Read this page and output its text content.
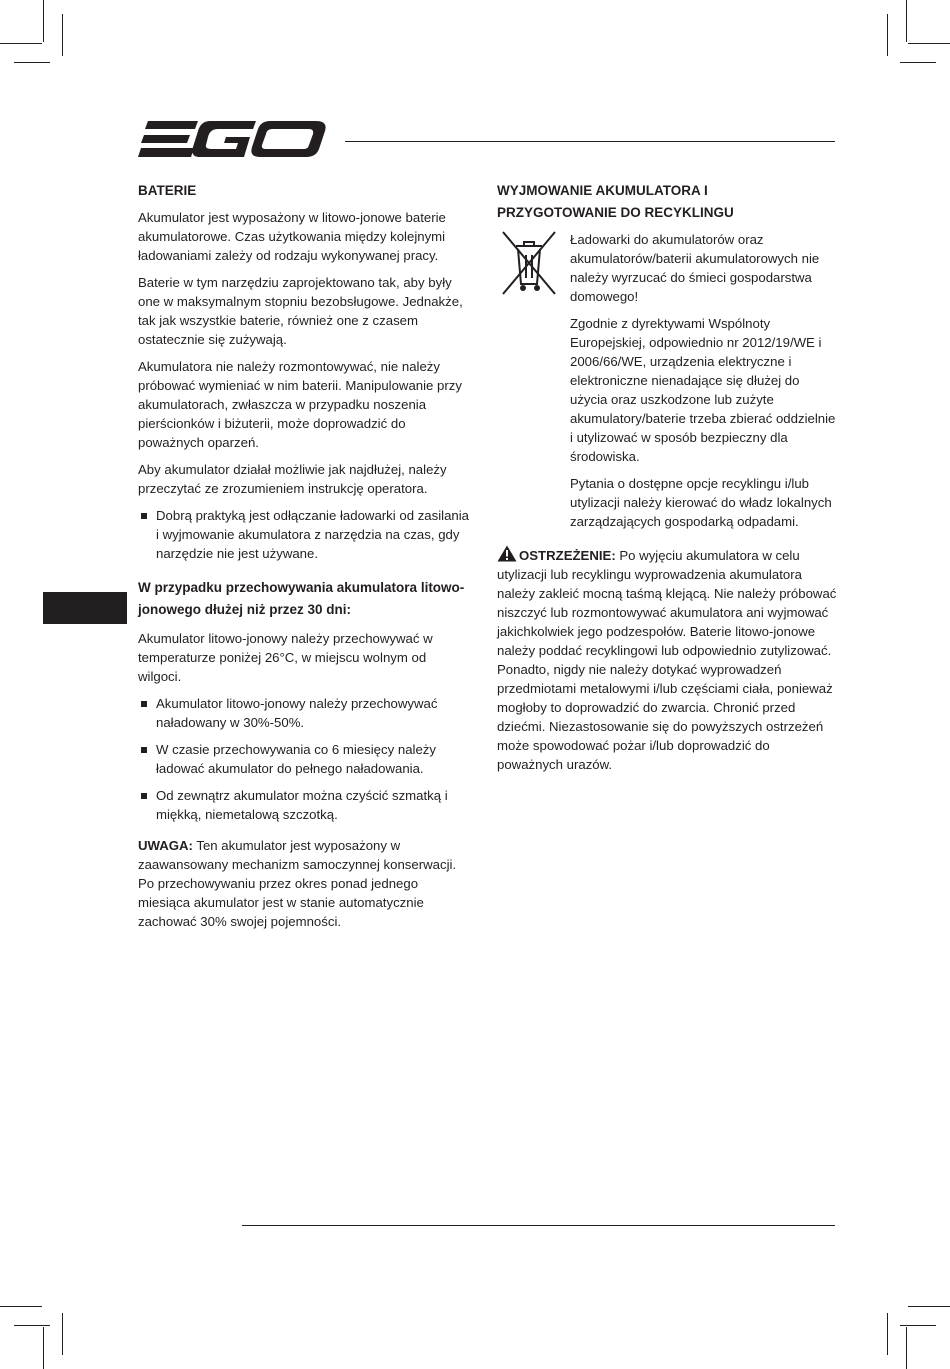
BATERIE

Akumulator jest wyposażony w litowo-jonowe baterie akumulatorowe. Czas użytkowania między kolejnymi ładowaniami zależy od rodzaju wykonywanej pracy.

Baterie w tym narzędziu zaprojektowano tak, aby były one w maksymalnym stopniu bezobsługowe. Jednakże, tak jak wszystkie baterie, również one z czasem ostatecznie się zużywają.

Akumulatora nie należy rozmontowywać, nie należy próbować wymieniać w nim baterii. Manipulowanie przy akumulatorach, zwłaszcza w przypadku noszenia pierścionków i biżuterii, może doprowadzić do poważnych oparzeń.

Aby akumulator działał możliwie jak najdłużej, należy przeczytać ze zrozumieniem instrukcję operatora.

Dobrą praktyką jest odłączanie ładowarki od zasilania i wyjmowanie akumulatora z narzędzia na czas, gdy narzędzie nie jest używane.
W przypadku przechowywania akumulatora litowo-jonowego dłużej niż przez 30 dni:

Akumulator litowo-jonowy należy przechowywać w temperaturze poniżej 26°C, w miejscu wolnym od wilgoci.

Akumulator litowo-jonowy należy przechowywać naładowany w 30%-50%.
W czasie przechowywania co 6 miesięcy należy ładować akumulator do pełnego naładowania.
Od zewnątrz akumulator można czyścić szmatką i miękką, niemetalową szczotką.

UWAGA: Ten akumulator jest wyposażony w zaawansowany mechanizm samoczynnej konserwacji. Po przechowywaniu przez okres ponad jednego miesiąca akumulator jest w stanie automatycznie zachować 30% swojej pojemności.

WYJMOWANIE AKUMULATORA I
PRZYGOTOWANIE DO RECYKLINGU

Ładowarki do akumulatorów oraz akumulatorów/baterii akumulatorowych nie należy wyrzucać do śmieci gospodarstwa domowego!

Zgodnie z dyrektywami Wspólnoty Europejskiej, odpowiednio nr 2012/19/WE i 2006/66/WE, urządzenia elektryczne i elektroniczne nienadające się dłużej do użycia oraz uszkodzone lub zużyte akumulatory/baterie trzeba zbierać oddzielnie i utylizować w sposób bezpieczny dla środowiska.

Pytania o dostępne opcje recyklingu i/lub utylizacji należy kierować do władz lokalnych zarządzających gospodarką odpadami.

OSTRZEŻENIE: Po wyjęciu akumulatora w celu utylizacji lub recyklingu wyprowadzenia akumulatora należy zakleić mocną taśmą klejącą. Nie należy próbować niszczyć lub rozmontowywać akumulatora ani wyjmować jakichkolwiek jego podzespołów. Baterie litowo-jonowe należy poddać recyklingowi lub odpowiednio zutylizować. Ponadto, nigdy nie należy dotykać wyprowadzeń przedmiotami metalowymi i/lub częściami ciała, ponieważ mogłoby to doprowadzić do zwarcia. Chronić przed dziećmi. Niezastosowanie się do powyższych ostrzeżeń może spowodować pożar i/lub doprowadzić do poważnych urazów.
